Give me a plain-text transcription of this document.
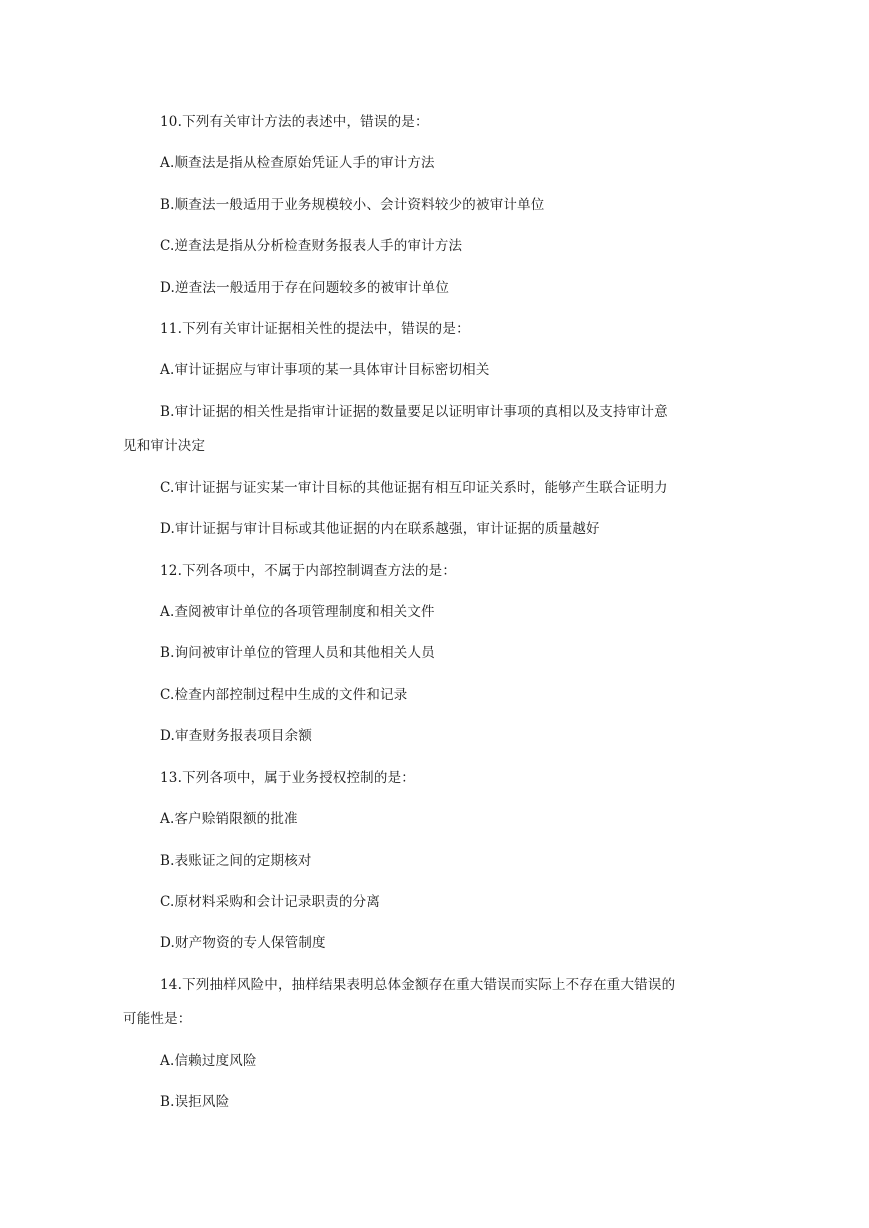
10.下列有关审计方法的表述中，错误的是：
A.顺查法是指从检查原始凭证人手的审计方法
B.顺查法一般适用于业务规模较小、会计资料较少的被审计单位
C.逆查法是指从分析检查财务报表人手的审计方法
D.逆查法一般适用于存在问题较多的被审计单位
11.下列有关审计证据相关性的提法中，错误的是：
A.审计证据应与审计事项的某一具体审计目标密切相关
B.审计证据的相关性是指审计证据的数量要足以证明审计事项的真相以及支持审计意
见和审计决定
C.审计证据与证实某一审计目标的其他证据有相互印证关系时，能够产生联合证明力
D.审计证据与审计目标或其他证据的内在联系越强，审计证据的质量越好
12.下列各项中，不属于内部控制调查方法的是：
A.查阅被审计单位的各项管理制度和相关文件
B.询问被审计单位的管理人员和其他相关人员
C.检查内部控制过程中生成的文件和记录
D.审查财务报表项目余额
13.下列各项中，属于业务授权控制的是：
A.客户赊销限额的批准
B.表账证之间的定期核对
C.原材料采购和会计记录职责的分离
D.财产物资的专人保管制度
14.下列抽样风险中，抽样结果表明总体金额存在重大错误而实际上不存在重大错误的
可能性是：
A.信赖过度风险
B.误拒风险
